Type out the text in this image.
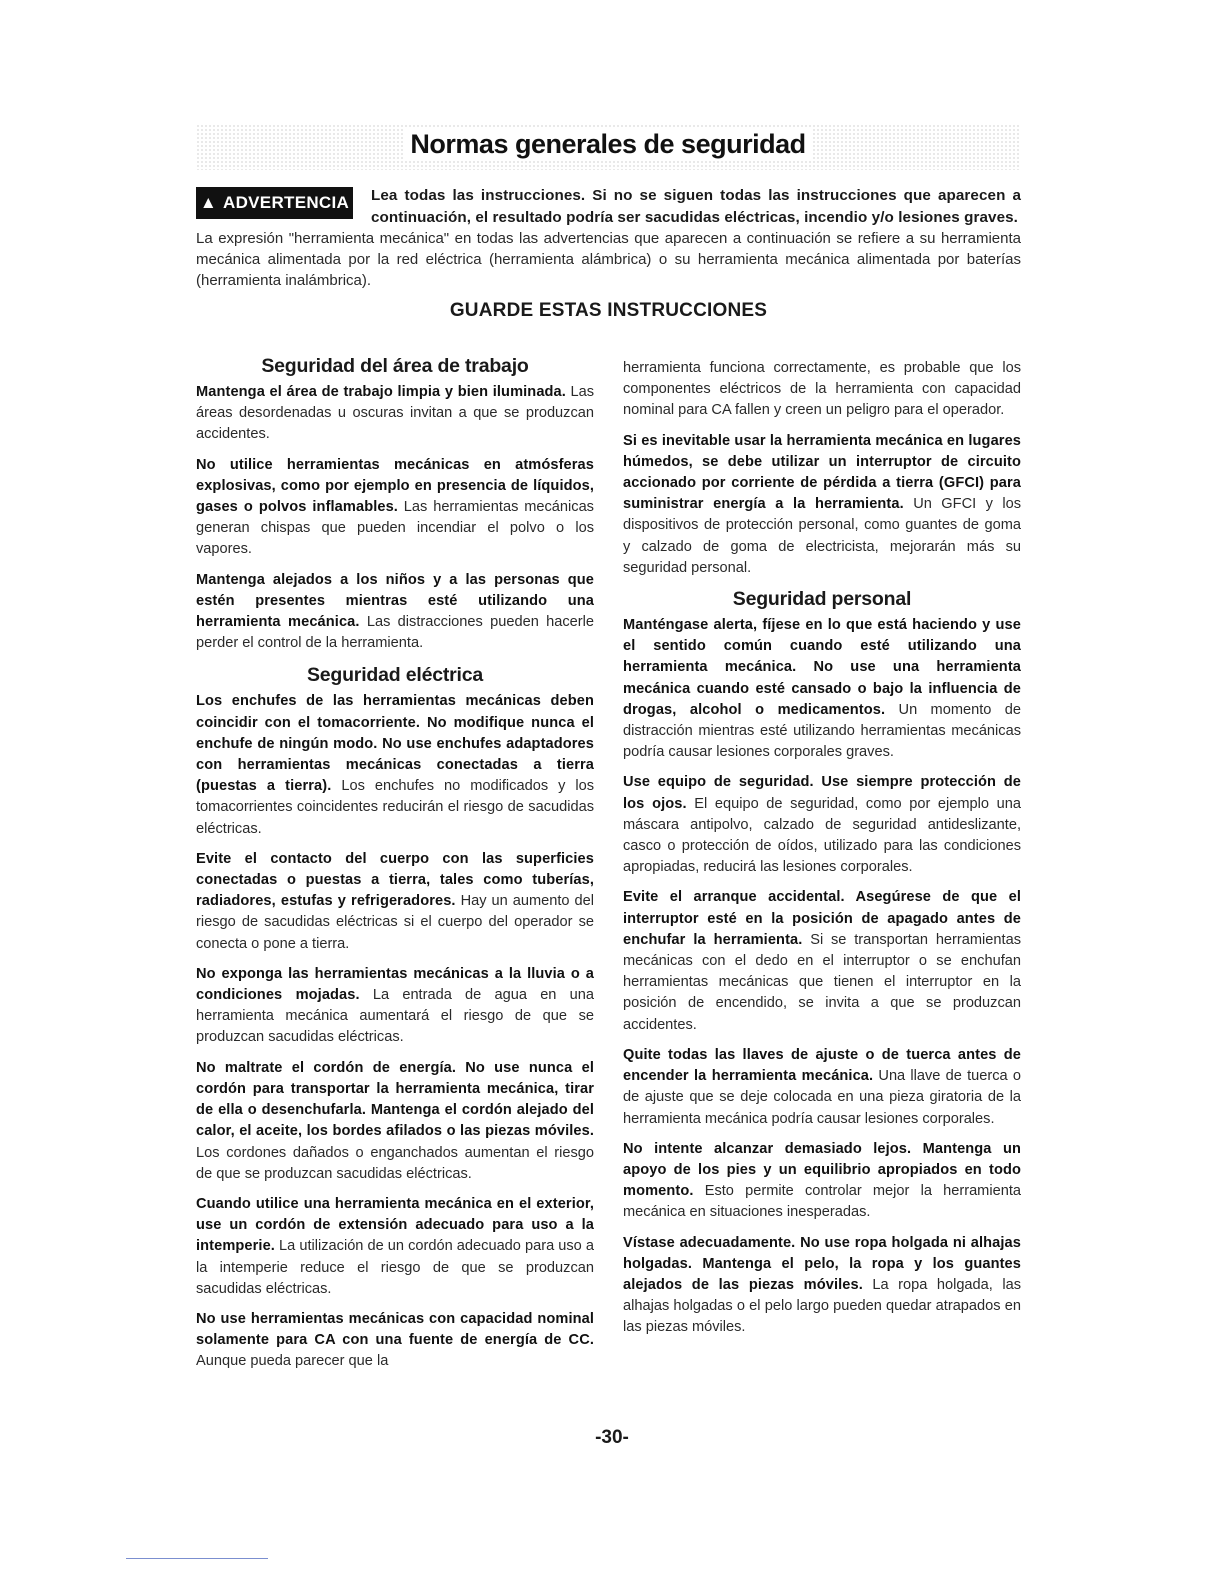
Normas generales de seguridad
▲ ADVERTENCIA Lea todas las instrucciones. Si no se siguen todas las instrucciones que aparecen a continuación, el resultado podría ser sacudidas eléctricas, incendio y/o lesiones graves.
La expresión "herramienta mecánica" en todas las advertencias que aparecen a continuación se refiere a su herramienta mecánica alimentada por la red eléctrica (herramienta alámbrica) o su herramienta mecánica alimentada por baterías (herramienta inalámbrica).
GUARDE ESTAS INSTRUCCIONES
Seguridad del área de trabajo

Mantenga el área de trabajo limpia y bien iluminada. Las áreas desordenadas u oscuras invitan a que se produzcan accidentes.

No utilice herramientas mecánicas en atmósferas explosivas, como por ejemplo en presencia de líquidos, gases o polvos inflamables. Las herramientas mecánicas generan chispas que pueden incendiar el polvo o los vapores.

Mantenga alejados a los niños y a las personas que estén presentes mientras esté utilizando una herramienta mecánica. Las distracciones pueden hacerle perder el control de la herramienta.

Seguridad eléctrica

Los enchufes de las herramientas mecánicas deben coincidir con el tomacorriente. No modifique nunca el enchufe de ningún modo. No use enchufes adaptadores con herramientas mecánicas conectadas a tierra (puestas a tierra). Los enchufes no modificados y los tomacorrientes coincidentes reducirán el riesgo de sacudidas eléctricas.

Evite el contacto del cuerpo con las superficies conectadas o puestas a tierra, tales como tuberías, radiadores, estufas y refrigeradores. Hay un aumento del riesgo de sacudidas eléctricas si el cuerpo del operador se conecta o pone a tierra.

No exponga las herramientas mecánicas a la lluvia o a condiciones mojadas. La entrada de agua en una herramienta mecánica aumentará el riesgo de que se produzcan sacudidas eléctricas.

No maltrate el cordón de energía. No use nunca el cordón para transportar la herramienta mecánica, tirar de ella o desenchufarla. Mantenga el cordón alejado del calor, el aceite, los bordes afilados o las piezas móviles. Los cordones dañados o enganchados aumentan el riesgo de que se produzcan sacudidas eléctricas.

Cuando utilice una herramienta mecánica en el exterior, use un cordón de extensión adecuado para uso a la intemperie. La utilización de un cordón adecuado para uso a la intemperie reduce el riesgo de que se produzcan sacudidas eléctricas.

No use herramientas mecánicas con capacidad nominal solamente para CA con una fuente de energía de CC. Aunque pueda parecer que la

herramienta funciona correctamente, es probable que los componentes eléctricos de la herramienta con capacidad nominal para CA fallen y creen un peligro para el operador.

Si es inevitable usar la herramienta mecánica en lugares húmedos, se debe utilizar un interruptor de circuito accionado por corriente de pérdida a tierra (GFCI) para suministrar energía a la herramienta. Un GFCI y los dispositivos de protección personal, como guantes de goma y calzado de goma de electricista, mejorarán más su seguridad personal.

Seguridad personal

Manténgase alerta, fíjese en lo que está haciendo y use el sentido común cuando esté utilizando una herramienta mecánica. No use una herramienta mecánica cuando esté cansado o bajo la influencia de drogas, alcohol o medicamentos. Un momento de distracción mientras esté utilizando herramientas mecánicas podría causar lesiones corporales graves.

Use equipo de seguridad. Use siempre protección de los ojos. El equipo de seguridad, como por ejemplo una máscara antipolvo, calzado de seguridad antideslizante, casco o protección de oídos, utilizado para las condiciones apropiadas, reducirá las lesiones corporales.

Evite el arranque accidental. Asegúrese de que el interruptor esté en la posición de apagado antes de enchufar la herramienta. Si se transportan herramientas mecánicas con el dedo en el interruptor o se enchufan herramientas mecánicas que tienen el interruptor en la posición de encendido, se invita a que se produzcan accidentes.

Quite todas las llaves de ajuste o de tuerca antes de encender la herramienta mecánica. Una llave de tuerca o de ajuste que se deje colocada en una pieza giratoria de la herramienta mecánica podría causar lesiones corporales.

No intente alcanzar demasiado lejos. Mantenga un apoyo de los pies y un equilibrio apropiados en todo momento. Esto permite controlar mejor la herramienta mecánica en situaciones inesperadas.

Vístase adecuadamente. No use ropa holgada ni alhajas holgadas. Mantenga el pelo, la ropa y los guantes alejados de las piezas móviles. La ropa holgada, las alhajas holgadas o el pelo largo pueden quedar atrapados en las piezas móviles.

-30-
